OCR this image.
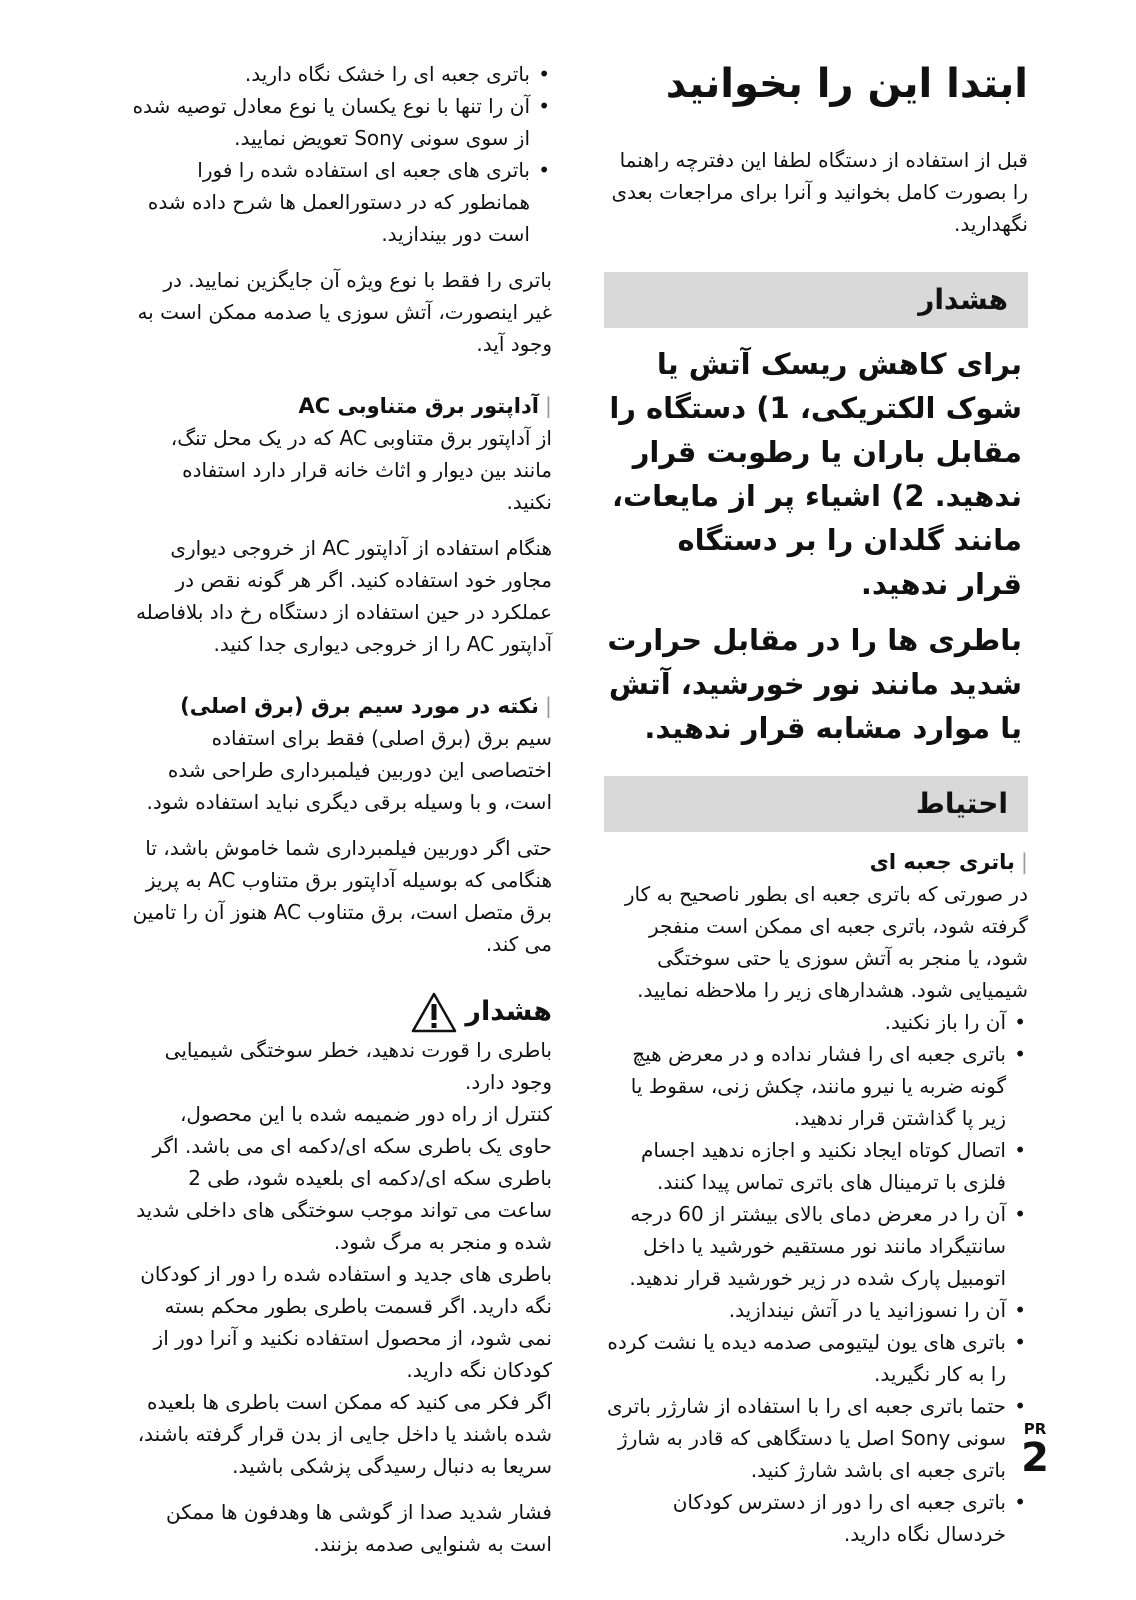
ابتدا این را بخوانید

قبل از استفاده از دستگاه لطفا این دفترچه راهنما را بصورت کامل بخوانید و آنرا برای مراجعات بعدی نگهدارید.

هشدار

برای کاهش ریسک آتش یا شوک الکتریکی، 1) دستگاه را مقابل باران یا رطوبت قرار ندهید. 2) اشیاء پر از مایعات، مانند گلدان را بر دستگاه قرار ندهید.

باطری ها را در مقابل حرارت شدید مانند نور خورشید، آتش یا موارد مشابه قرار ندهید.

احتیاط
|باتری جعبه ای

در صورتی که باتری جعبه ای بطور ناصحیح به کار گرفته شود، باتری جعبه ای ممکن است منفجر شود، یا منجر به آتش سوزی یا حتی سوختگی شیمیایی شود. هشدارهای زیر را ملاحظه نمایید.

• آن را باز نکنید.
• باتری جعبه ای را فشار نداده و در معرض هیچ گونه ضربه یا نیرو مانند، چکش زنی، سقوط یا زیر پا گذاشتن قرار ندهید.
• اتصال کوتاه ایجاد نکنید و اجازه ندهید اجسام فلزی با ترمینال های باتری تماس پیدا کنند.
• آن را در معرض دمای بالای بیشتر از 60 درجه سانتیگراد مانند نور مستقیم خورشید یا داخل اتومبیل پارک شده در زیر خورشید قرار ندهید.
• آن را نسوزانید یا در آتش نیندازید.
• باتری های یون لیتیومی صدمه دیده یا نشت کرده را به کار نگیرید.
• حتما باتری جعبه ای را با استفاده از شارژر باتری سونی Sony اصل یا دستگاهی که قادر به شارژ باتری جعبه ای باشد شارژ کنید.
• باتری جعبه ای را دور از دسترس کودکان خردسال نگاه دارید.
• باتری جعبه ای را خشک نگاه دارید.
• آن را تنها با نوع یکسان یا نوع معادل توصیه شده از سوی سونی Sony تعویض نمایید.
• باتری های جعبه ای استفاده شده را فورا همانطور که در دستورالعمل ها شرح داده شده است دور بیندازید.

باتری را فقط با نوع ویژه آن جایگزین نمایید. در غیر اینصورت، آتش سوزی یا صدمه ممکن است به وجود آید.

|آداپتور برق متناوبی AC

از آداپتور برق متناوبی AC که در یک محل تنگ، مانند بین دیوار و اثاث خانه قرار دارد استفاده نکنید.

هنگام استفاده از آداپتور AC از خروجی دیواری مجاور خود استفاده کنید. اگر هر گونه نقص در عملکرد در حین استفاده از دستگاه رخ داد بلافاصله آداپتور AC را از خروجی دیواری جدا کنید.

|نکته در مورد سیم برق (برق اصلی)

سیم برق (برق اصلی) فقط برای استفاده اختصاصی این دوربین فیلمبرداری طراحی شده است، و با وسیله برقی دیگری نباید استفاده شود.

حتی اگر دوربین فیلمبرداری شما خاموش باشد، تا هنگامی که بوسیله آداپتور برق متناوب AC به پریز برق متصل است، برق متناوب AC هنوز آن را تامین می کند.

هشدار

باطری را قورت ندهید، خطر سوختگی شیمیایی وجود دارد.

کنترل از راه دور ضمیمه شده با این محصول، حاوی یک باطری سکه ای/دکمه ای می باشد. اگر باطری سکه ای/دکمه ای بلعیده شود، طی 2 ساعت می تواند موجب سوختگی های داخلی شدید شده و منجر به مرگ شود.

باطری های جدید و استفاده شده را دور از کودکان نگه دارید. اگر قسمت باطری بطور محکم بسته نمی شود، از محصول استفاده نکنید و آنرا دور از کودکان نگه دارید.

اگر فکر می کنید که ممکن است باطری ها بلعیده شده باشند یا داخل جایی از بدن قرار گرفته باشند، سریعا به دنبال رسیدگی پزشکی باشید.

فشار شدید صدا از گوشی ها وهدفون ها ممکن است به شنوایی صدمه بزنند.

PR
2
